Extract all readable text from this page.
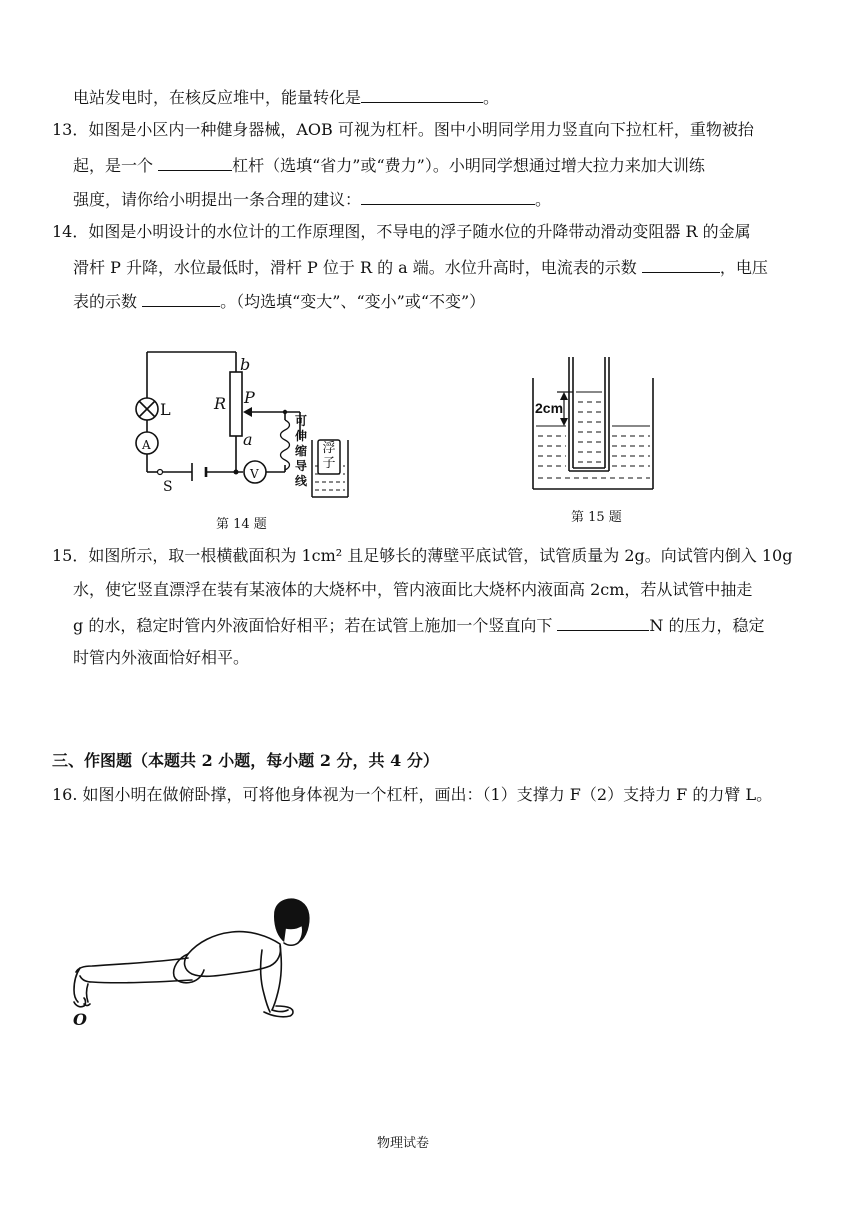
电站发电时，在核反应堆中，能量转化是	。
13．如图是小区内一种健身器械，AOB 可视为杠杆。图中小明同学用力竖直向下拉杠杆，重物被抬
起，是一个	杠杆（选填“省力”或“费力”）。小明同学想通过增大拉力来加大训练
强度，请你给小明提出一条合理的建议：	。
14．如图是小明设计的水位计的工作原理图，不导电的浮子随水位的升降带动滑动变阻器 R 的金属
滑杆 P 升降，水位最低时，滑杆 P 位于 R 的 a 端。水位升高时，电流表的示数	，电压
表的示数	。（均选填“变大”、“变小”或“不变”）
b
R P
a
L
A
V
S
可
伸
缩
导
线
浮
子
第 14 题
2cm
第 15 题
15．如图所示，取一根横截面积为 1cm² 且足够长的薄壁平底试管，试管质量为 2g。向试管内倒入 10g
水，使它竖直漂浮在装有某液体的大烧杯中，管内液面比大烧杯内液面高 2cm，若从试管中抽走
g 的水，稳定时管内外液面恰好相平；若在试管上施加一个竖直向下	N 的压力，稳定
时管内外液面恰好相平。
三、作图题（本题共 2 小题，每小题 2 分，共 4 分）
16. 如图小明在做俯卧撑，可将他身体视为一个杠杆，画出：（1）支撑力 F（2）支持力 F 的力臂 L。
O
物理试卷
